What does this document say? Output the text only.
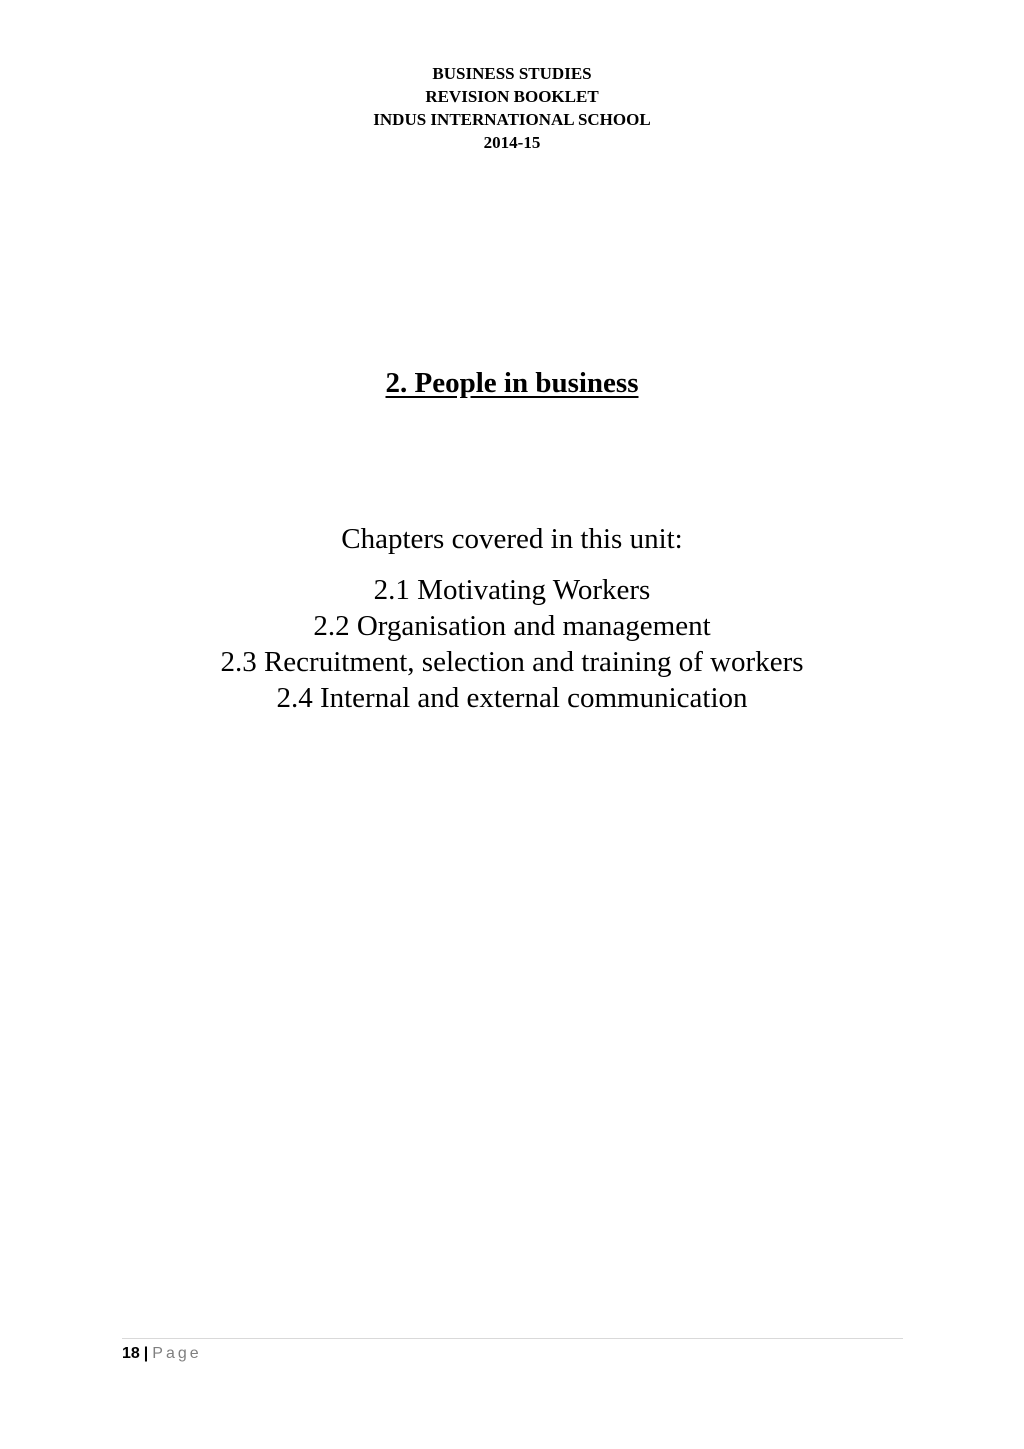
BUSINESS STUDIES
REVISION BOOKLET
INDUS INTERNATIONAL SCHOOL
2014-15
2. People in business
Chapters covered in this unit:
2.1 Motivating Workers
2.2 Organisation and management
2.3 Recruitment, selection and training of workers
2.4 Internal and external communication
18 | Page
